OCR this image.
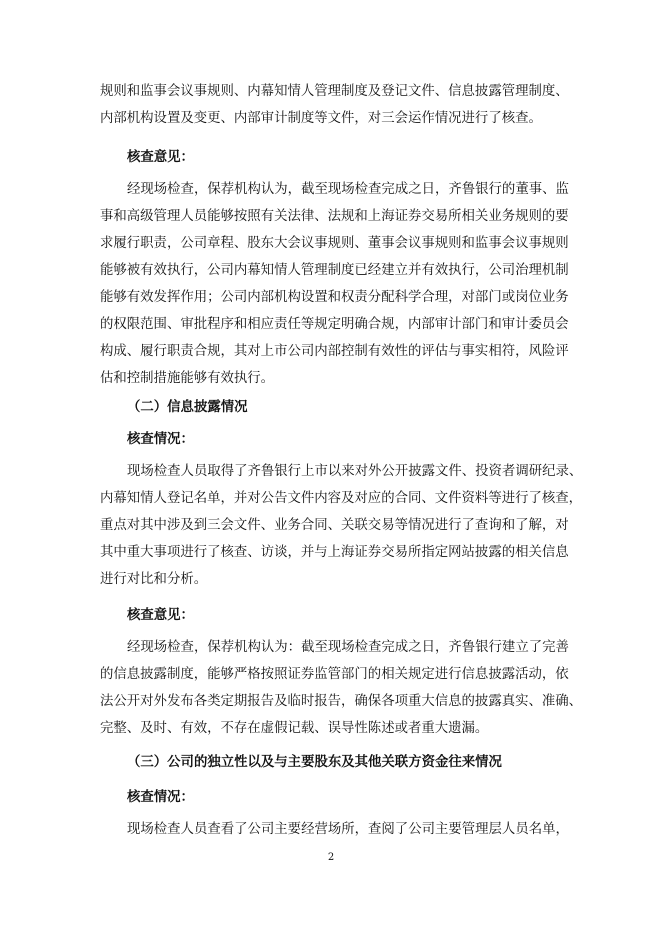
规则和监事会议事规则、内幕知情人管理制度及登记文件、信息披露管理制度、
内部机构设置及变更、内部审计制度等文件，对三会运作情况进行了核查。
核查意见：
经现场检查，保荐机构认为，截至现场检查完成之日，齐鲁银行的董事、监
事和高级管理人员能够按照有关法律、法规和上海证券交易所相关业务规则的要
求履行职责，公司章程、股东大会议事规则、董事会议事规则和监事会议事规则
能够被有效执行，公司内幕知情人管理制度已经建立并有效执行，公司治理机制
能够有效发挥作用；公司内部机构设置和权责分配科学合理，对部门或岗位业务
的权限范围、审批程序和相应责任等规定明确合规，内部审计部门和审计委员会
构成、履行职责合规，其对上市公司内部控制有效性的评估与事实相符，风险评
估和控制措施能够有效执行。
（二）信息披露情况
核查情况：
现场检查人员取得了齐鲁银行上市以来对外公开披露文件、投资者调研纪录、
内幕知情人登记名单，并对公告文件内容及对应的合同、文件资料等进行了核查，
重点对其中涉及到三会文件、业务合同、关联交易等情况进行了查询和了解，对
其中重大事项进行了核查、访谈，并与上海证券交易所指定网站披露的相关信息
进行对比和分析。
核查意见：
经现场检查，保荐机构认为：截至现场检查完成之日，齐鲁银行建立了完善
的信息披露制度，能够严格按照证券监管部门的相关规定进行信息披露活动，依
法公开对外发布各类定期报告及临时报告，确保各项重大信息的披露真实、准确、
完整、及时、有效，不存在虚假记载、误导性陈述或者重大遗漏。
（三）公司的独立性以及与主要股东及其他关联方资金往来情况
核查情况：
现场检查人员查看了公司主要经营场所，查阅了公司主要管理层人员名单，
2
